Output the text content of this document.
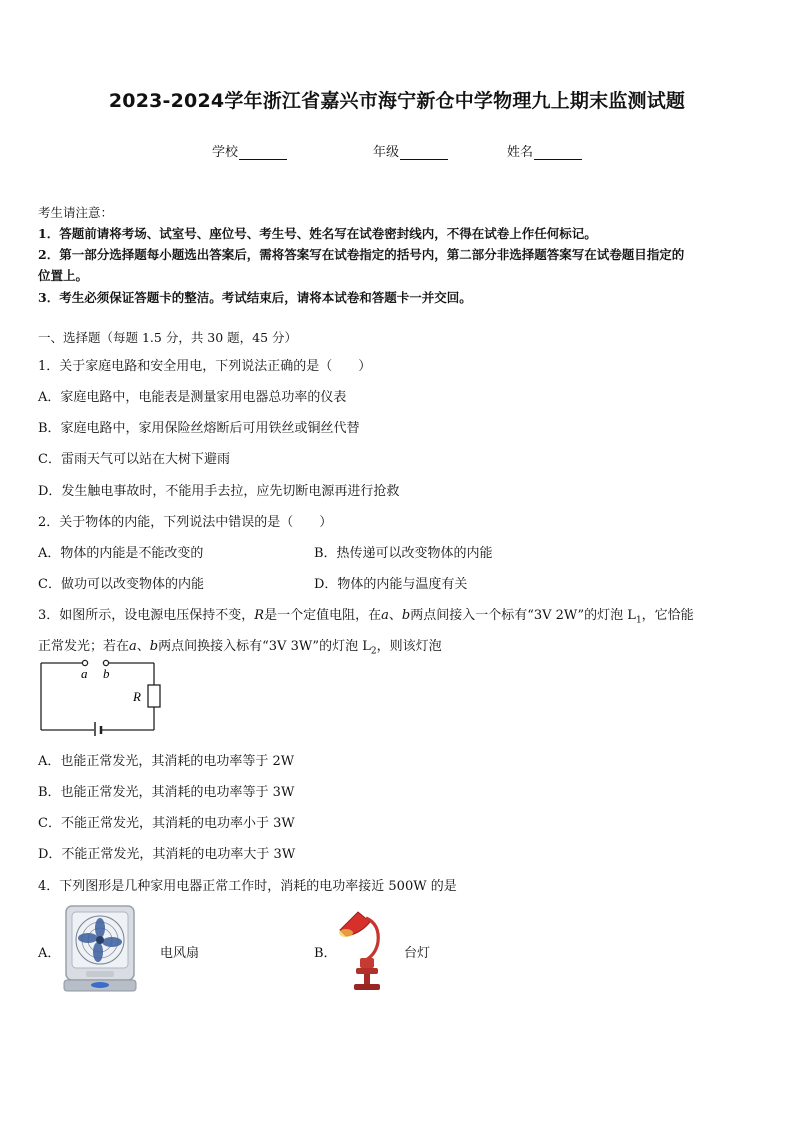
2023-2024学年浙江省嘉兴市海宁新仓中学物理九上期末监测试题
学校	年级	姓名
考生请注意：
1．答题前请将考场、试室号、座位号、考生号、姓名写在试卷密封线内，不得在试卷上作任何标记。
2．第一部分选择题每小题选出答案后，需将答案写在试卷指定的括号内，第二部分非选择题答案写在试卷题目指定的
位置上。
3．考生必须保证答题卡的整洁。考试结束后，请将本试卷和答题卡一并交回。
一、选择题（每题 1.5 分，共 30 题，45 分）
1．关于家庭电路和安全用电，下列说法正确的是（　　）
A．家庭电路中，电能表是测量家用电器总功率的仪表
B．家庭电路中，家用保险丝熔断后可用铁丝或铜丝代替
C．雷雨天气可以站在大树下避雨
D．发生触电事故时，不能用手去拉，应先切断电源再进行抢救
2．关于物体的内能，下列说法中错误的是（　　）
A．物体的内能是不能改变的	B．热传递可以改变物体的内能
C．做功可以改变物体的内能	D．物体的内能与温度有关
3．如图所示，设电源电压保持不变，R是一个定值电阻，在a、b两点间接入一个标有“3V 2W”的灯泡 $L_1$，它恰能
正常发光；若在a、b两点间换接入标有“3V 3W”的灯泡 $L_2$，则该灯泡
a b
R
A．也能正常发光，其消耗的电功率等于 2W
B．也能正常发光，其消耗的电功率等于 3W
C．不能正常发光，其消耗的电功率小于 3W
D．不能正常发光，其消耗的电功率大于 3W
4．下列图形是几种家用电器正常工作时，消耗的电功率接近 500W 的是
A．	电风扇	B．	台灯
